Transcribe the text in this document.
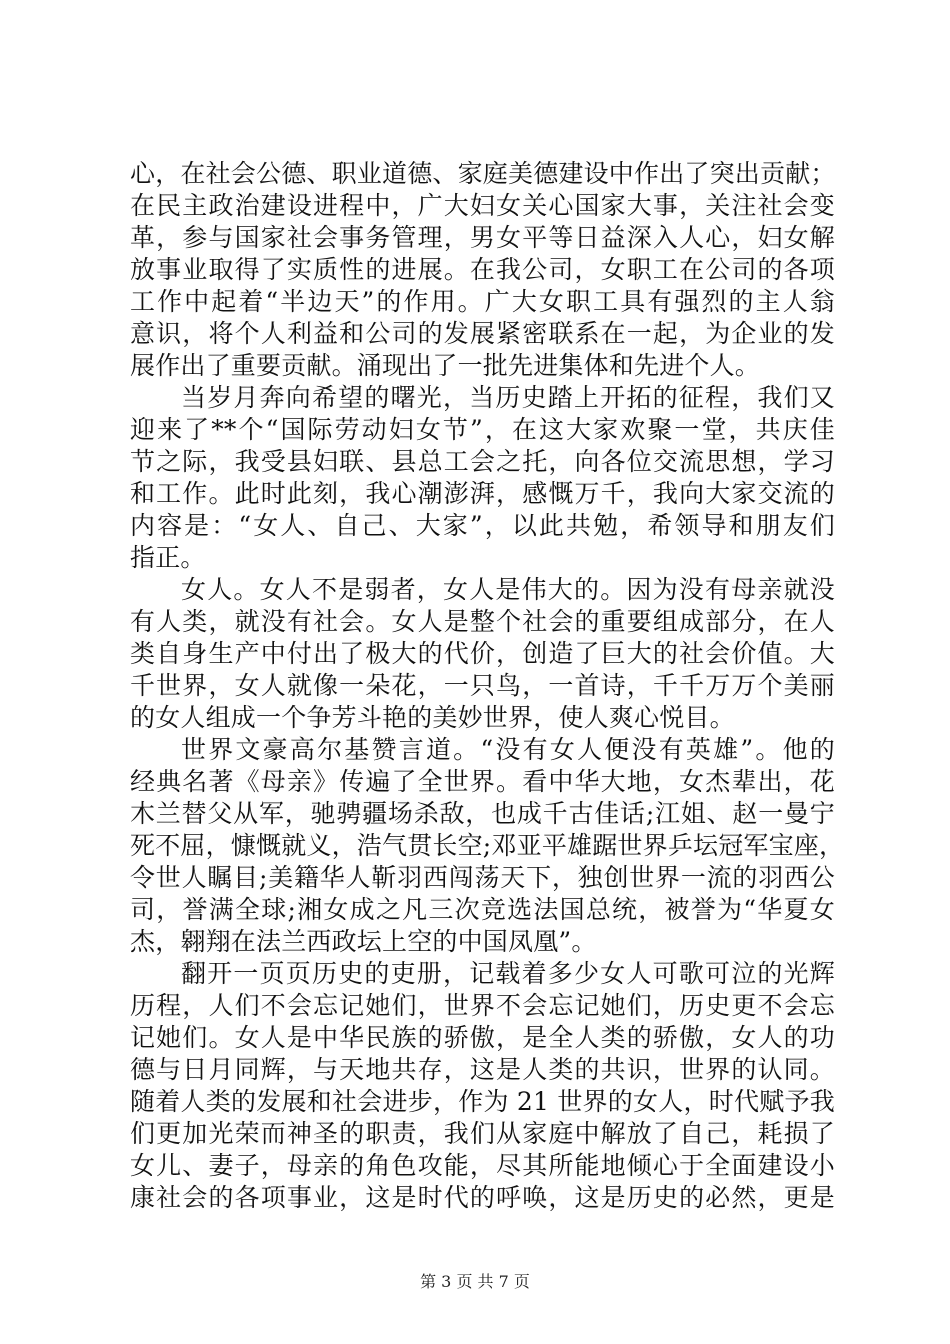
心，在社会公德、职业道德、家庭美德建设中作出了突出贡献；
在民主政治建设进程中，广大妇女关心国家大事，关注社会变
革，参与国家社会事务管理，男女平等日益深入人心，妇女解
放事业取得了实质性的进展。在我公司，女职工在公司的各项
工作中起着“半边天”的作用。广大女职工具有强烈的主人翁
意识，将个人利益和公司的发展紧密联系在一起，为企业的发
展作出了重要贡献。涌现出了一批先进集体和先进个人。
当岁月奔向希望的曙光，当历史踏上开拓的征程，我们又
迎来了**个“国际劳动妇女节”，在这大家欢聚一堂，共庆佳
节之际，我受县妇联、县总工会之托，向各位交流思想，学习
和工作。此时此刻，我心潮澎湃，感慨万千，我向大家交流的
内容是：“女人、自己、大家”，以此共勉，希领导和朋友们
指正。
女人。女人不是弱者，女人是伟大的。因为没有母亲就没
有人类，就没有社会。女人是整个社会的重要组成部分，在人
类自身生产中付出了极大的代价，创造了巨大的社会价值。大
千世界，女人就像一朵花，一只鸟，一首诗，千千万万个美丽
的女人组成一个争芳斗艳的美妙世界，使人爽心悦目。
世界文豪高尔基赞言道。“没有女人便没有英雄”。他的
经典名著《母亲》传遍了全世界。看中华大地，女杰辈出，花
木兰替父从军，驰骋疆场杀敌，也成千古佳话;江姐、赵一曼宁
死不屈，慷慨就义，浩气贯长空;邓亚平雄踞世界乒坛冠军宝座，
令世人瞩目;美籍华人靳羽西闯荡天下，独创世界一流的羽西公
司，誉满全球;湘女成之凡三次竞选法国总统，被誉为“华夏女
杰，翱翔在法兰西政坛上空的中国凤凰”。
翻开一页页历史的吏册，记载着多少女人可歌可泣的光辉
历程，人们不会忘记她们，世界不会忘记她们，历史更不会忘
记她们。女人是中华民族的骄傲，是全人类的骄傲，女人的功
德与日月同辉，与天地共存，这是人类的共识，世界的认同。
随着人类的发展和社会进步，作为 21 世界的女人，时代赋予我
们更加光荣而神圣的职责，我们从家庭中解放了自己，耗损了
女儿、妻子，母亲的角色攻能，尽其所能地倾心于全面建设小
康社会的各项事业，这是时代的呼唤，这是历史的必然，更是
第 3 页 共 7 页
